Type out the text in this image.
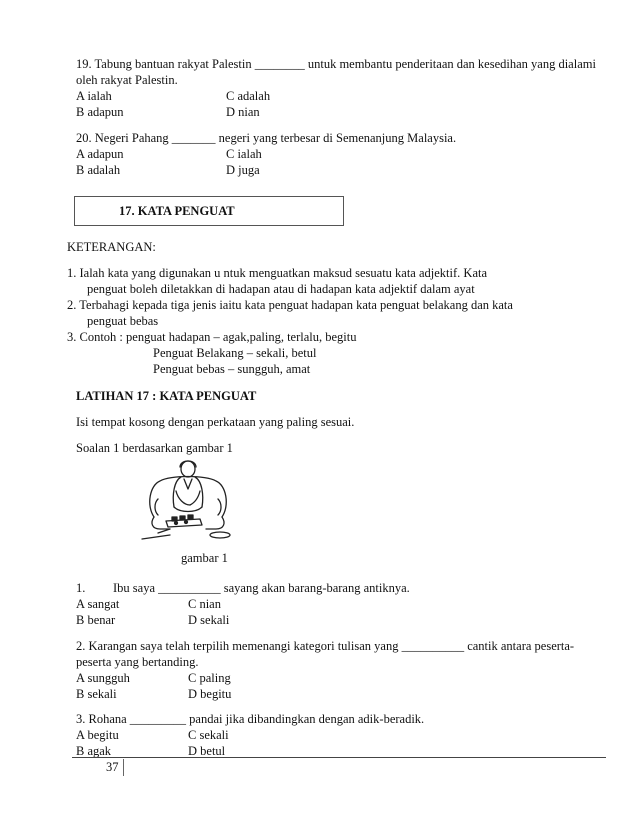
19. Tabung bantuan rakyat Palestin ________ untuk membantu penderitaan dan kesedihan yang dialami
oleh rakyat Palestin.
A ialah	C adalah
B adapun	D nian
20. Negeri Pahang _______ negeri yang terbesar di Semenanjung Malaysia.
A adapun	C ialah
B adalah	D juga
17. KATA PENGUAT
KETERANGAN:
1. Ialah kata yang digunakan u ntuk menguatkan maksud sesuatu kata adjektif. Kata
penguat boleh diletakkan di hadapan atau di hadapan kata adjektif dalam ayat
2. Terbahagi kepada tiga jenis iaitu kata penguat hadapan kata penguat belakang dan kata
penguat bebas
3. Contoh : penguat hadapan – agak,paling, terlalu, begitu
Penguat Belakang – sekali, betul
Penguat bebas – sungguh, amat
LATIHAN 17 : KATA PENGUAT
Isi tempat kosong dengan perkataan yang paling sesuai.
Soalan 1 berdasarkan gambar 1
gambar 1
1. Ibu saya __________ sayang akan barang-barang antiknya.
A sangat	C nian
B benar	D sekali
2. Karangan saya telah terpilih memenangi kategori tulisan yang __________ cantik antara peserta-
peserta yang bertanding.
A sungguh	C paling
B sekali	D begitu
3. Rohana _________ pandai jika dibandingkan dengan adik-beradik.
A begitu	C sekali
B agak	D betul
37
